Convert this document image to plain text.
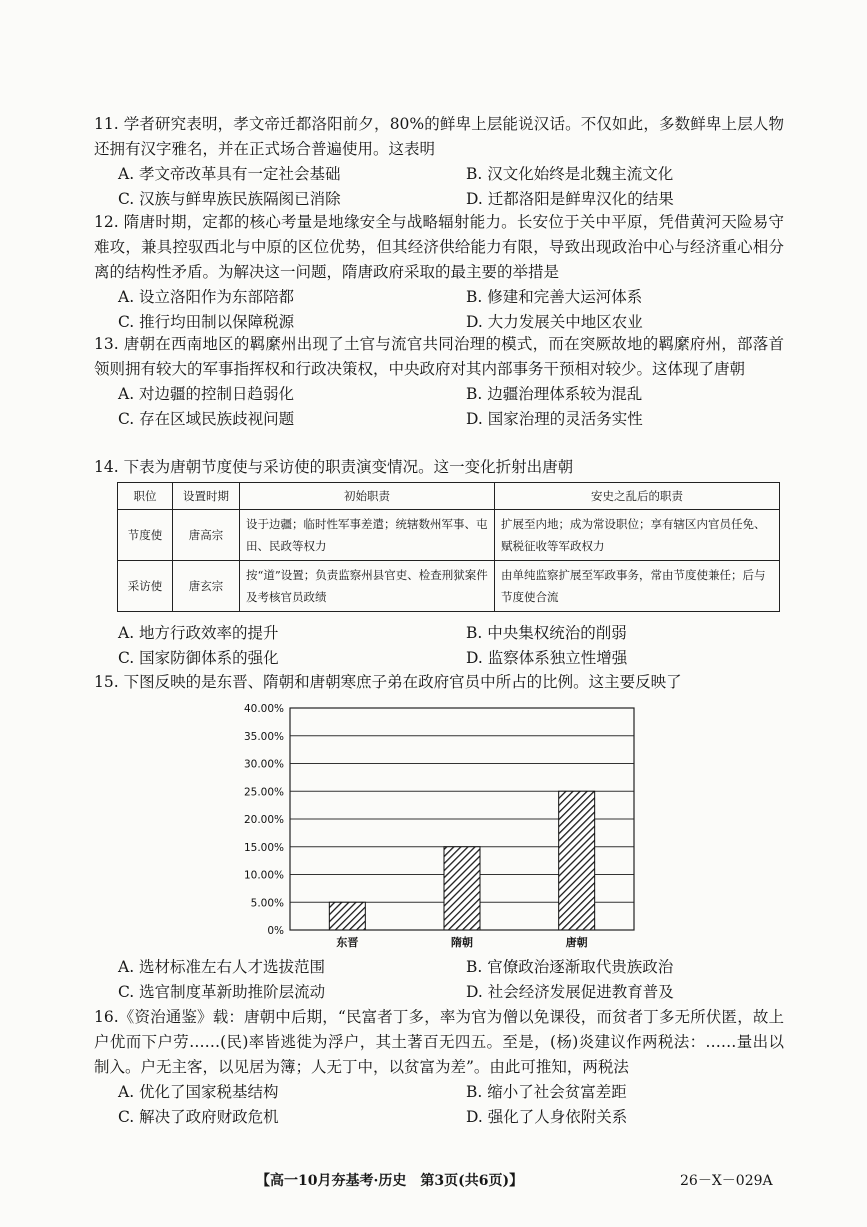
11. 学者研究表明，孝文帝迁都洛阳前夕，80%的鲜卑上层能说汉话。不仅如此，多数鲜卑上层人物还拥有汉字雅名，并在正式场合普遍使用。这表明

A. 孝文帝改革具有一定社会基础	B. 汉文化始终是北魏主流文化
C. 汉族与鲜卑族民族隔阂已消除	D. 迁都洛阳是鲜卑汉化的结果

12. 隋唐时期，定都的核心考量是地缘安全与战略辐射能力。长安位于关中平原，凭借黄河天险易守难攻，兼具控驭西北与中原的区位优势，但其经济供给能力有限，导致出现政治中心与经济重心相分离的结构性矛盾。为解决这一问题，隋唐政府采取的最主要的举措是

A. 设立洛阳作为东部陪都	B. 修建和完善大运河体系
C. 推行均田制以保障税源	D. 大力发展关中地区农业

13. 唐朝在西南地区的羁縻州出现了土官与流官共同治理的模式，而在突厥故地的羁縻府州，部落首领则拥有较大的军事指挥权和行政决策权，中央政府对其内部事务干预相对较少。这体现了唐朝

A. 对边疆的控制日趋弱化	B. 边疆治理体系较为混乱
C. 存在区域民族歧视问题	D. 国家治理的灵活务实性

14. 下表为唐朝节度使与采访使的职责演变情况。这一变化折射出唐朝

职位	设置时期	初始职责	安史之乱后的职责
节度使	唐高宗	设于边疆；临时性军事差遣；统辖数州军事、屯田、民政等权力	扩展至内地；成为常设职位；享有辖区内官员任免、赋税征收等军政权力
采访使	唐玄宗	按“道”设置；负责监察州县官吏、检查刑狱案件及考核官员政绩	由单纯监察扩展至军政事务，常由节度使兼任；后与节度使合流
A. 地方行政效率的提升	B. 中央集权统治的削弱
C. 国家防御体系的强化	D. 监察体系独立性增强

15. 下图反映的是东晋、隋朝和唐朝寒庶子弟在政府官员中所占的比例。这主要反映了

0%
5.00%
10.00%
15.00%
20.00%
25.00%
30.00%
35.00%
40.00%
东晋	隋朝	唐朝
A. 选材标准左右人才选拔范围	B. 官僚政治逐渐取代贵族政治
C. 选官制度革新助推阶层流动	D. 社会经济发展促进教育普及

16.《资治通鉴》载：唐朝中后期，“民富者丁多，率为官为僧以免课役，而贫者丁多无所伏匿，故上户优而下户劳……(民)率皆逃徙为浮户，其土著百无四五。至是，(杨)炎建议作两税法：……量出以制入。户无主客，以见居为簿；人无丁中，以贫富为差”。由此可推知，两税法

A. 优化了国家税基结构	B. 缩小了社会贫富差距
C. 解决了政府财政危机	D. 强化了人身依附关系
【高一10月夯基考·历史　第3页(共6页)】	26－X－029A
